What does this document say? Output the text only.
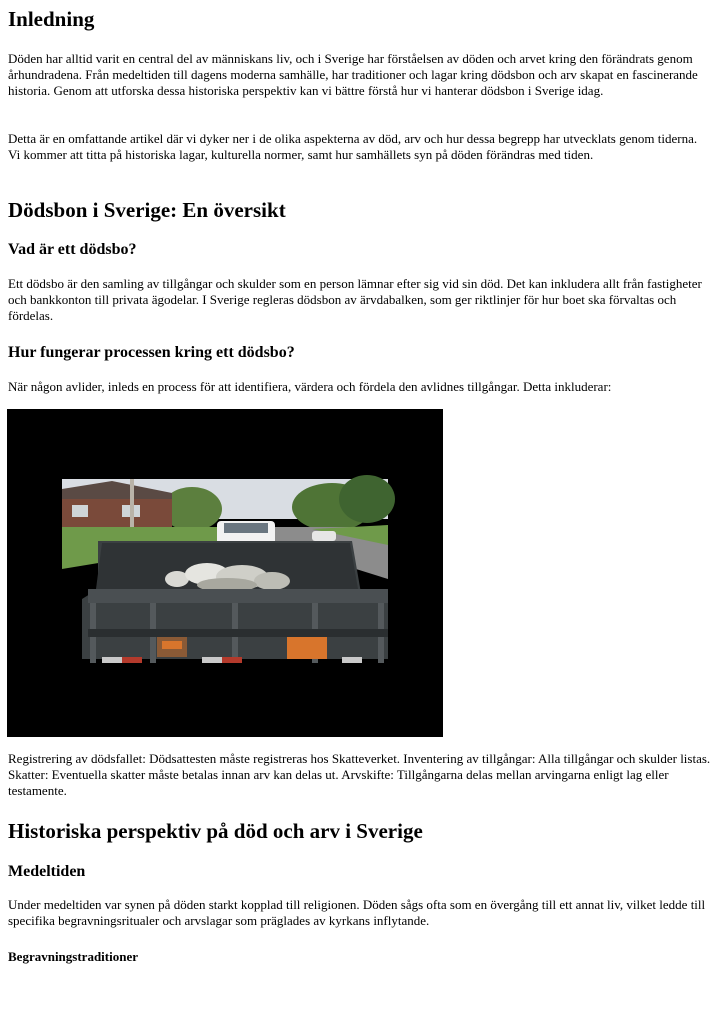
Inledning

Döden har alltid varit en central del av människans liv, och i Sverige har förståelsen av döden och arvet kring den förändrats genom århundradena. Från medeltiden till dagens moderna samhälle, har traditioner och lagar kring dödsbon och arv skapat en fascinerande historia. Genom att utforska dessa historiska perspektiv kan vi bättre förstå hur vi hanterar dödsbon i Sverige idag.

Detta är en omfattande artikel där vi dyker ner i de olika aspekterna av död, arv och hur dessa begrepp har utvecklats genom tiderna. Vi kommer att titta på historiska lagar, kulturella normer, samt hur samhällets syn på döden förändras med tiden.

Dödsbon i Sverige: En översikt
Vad är ett dödsbo?

Ett dödsbo är den samling av tillgångar och skulder som en person lämnar efter sig vid sin död. Det kan inkludera allt från fastigheter och bankkonton till privata ägodelar. I Sverige regleras dödsbon av ärvdabalken, som ger riktlinjer för hur boet ska förvaltas och fördelas.

Hur fungerar processen kring ett dödsbo?

När någon avlider, inleds en process för att identifiera, värdera och fördela den avlidnes tillgångar. Detta inkluderar:

Registrering av dödsfallet: Dödsattesten måste registreras hos Skatteverket. Inventering av tillgångar: Alla tillgångar och skulder listas. Skatter: Eventuella skatter måste betalas innan arv kan delas ut. Arvskifte: Tillgångarna delas mellan arvingarna enligt lag eller testamente.

Historiska perspektiv på död och arv i Sverige
Medeltiden

Under medeltiden var synen på döden starkt kopplad till religionen. Döden sågs ofta som en övergång till ett annat liv, vilket ledde till specifika begravningsritualer och arvslagar som präglades av kyrkans inflytande.

Begravningstraditioner
